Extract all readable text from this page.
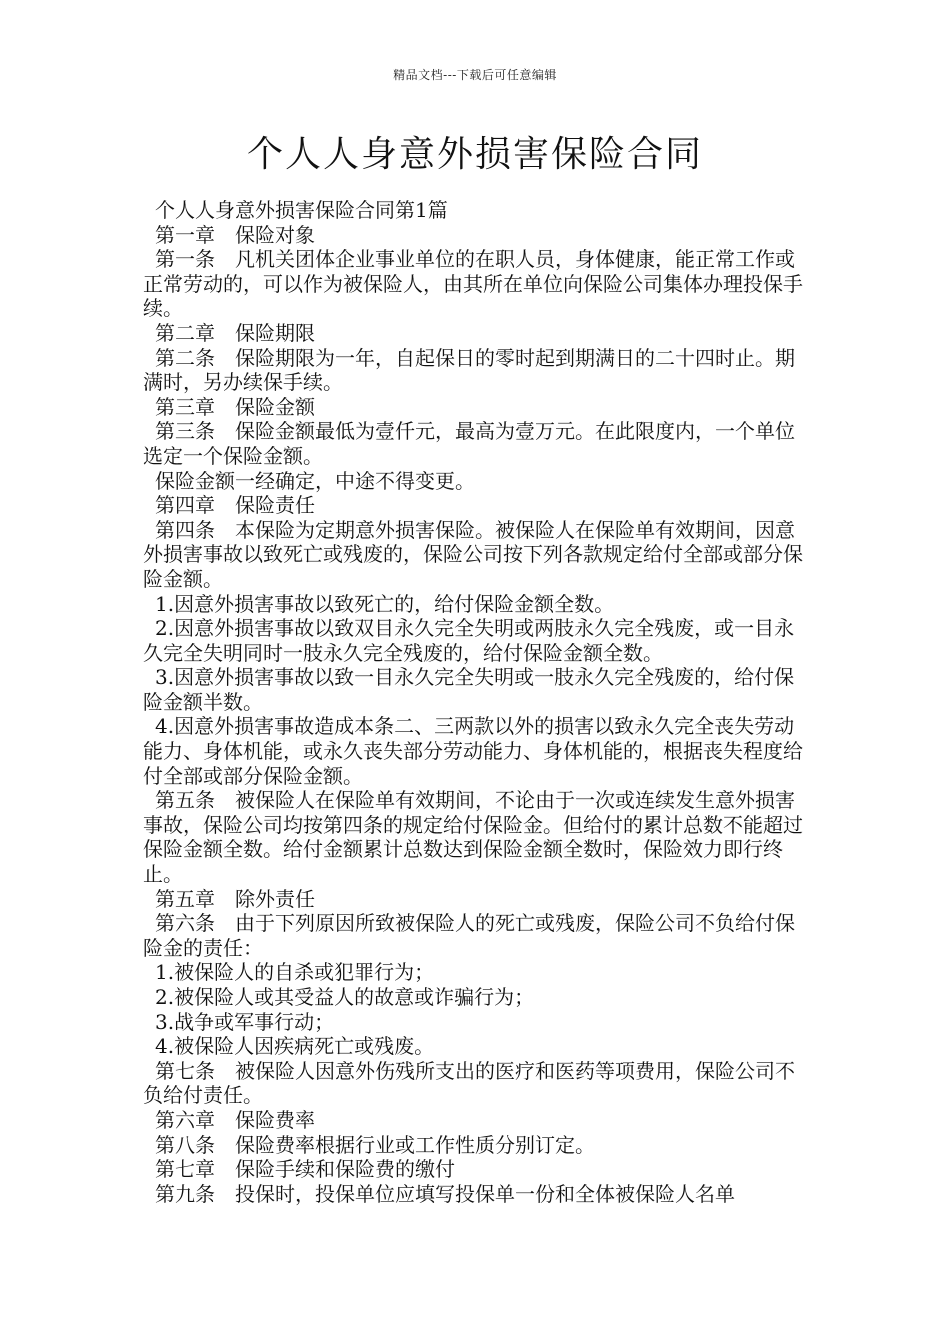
精品文档---下载后可任意编辑
个人人身意外损害保险合同

个人人身意外损害保险合同第1篇

第一章　保险对象

第一条　凡机关团体企业事业单位的在职人员，身体健康，能正常工作或正常劳动的，可以作为被保险人，由其所在单位向保险公司集体办理投保手续。

第二章　保险期限

第二条　保险期限为一年，自起保日的零时起到期满日的二十四时止。期满时，另办续保手续。

第三章　保险金额

第三条　保险金额最低为壹仟元，最高为壹万元。在此限度内，一个单位选定一个保险金额。

保险金额一经确定，中途不得变更。

第四章　保险责任

第四条　本保险为定期意外损害保险。被保险人在保险单有效期间，因意外损害事故以致死亡或残废的，保险公司按下列各款规定给付全部或部分保险金额。

1.因意外损害事故以致死亡的，给付保险金额全数。

2.因意外损害事故以致双目永久完全失明或两肢永久完全残废，或一目永久完全失明同时一肢永久完全残废的，给付保险金额全数。

3.因意外损害事故以致一目永久完全失明或一肢永久完全残废的，给付保险金额半数。

4.因意外损害事故造成本条二、三两款以外的损害以致永久完全丧失劳动能力、身体机能，或永久丧失部分劳动能力、身体机能的，根据丧失程度给付全部或部分保险金额。

第五条　被保险人在保险单有效期间，不论由于一次或连续发生意外损害事故，保险公司均按第四条的规定给付保险金。但给付的累计总数不能超过保险金额全数。给付金额累计总数达到保险金额全数时，保险效力即行终止。

第五章　除外责任

第六条　由于下列原因所致被保险人的死亡或残废，保险公司不负给付保险金的责任：

1.被保险人的自杀或犯罪行为；

2.被保险人或其受益人的故意或诈骗行为；

3.战争或军事行动；

4.被保险人因疾病死亡或残废。

第七条　被保险人因意外伤残所支出的医疗和医药等项费用，保险公司不负给付责任。

第六章　保险费率

第八条　保险费率根据行业或工作性质分别订定。

第七章　保险手续和保险费的缴付

第九条　投保时，投保单位应填写投保单一份和全体被保险人名单
